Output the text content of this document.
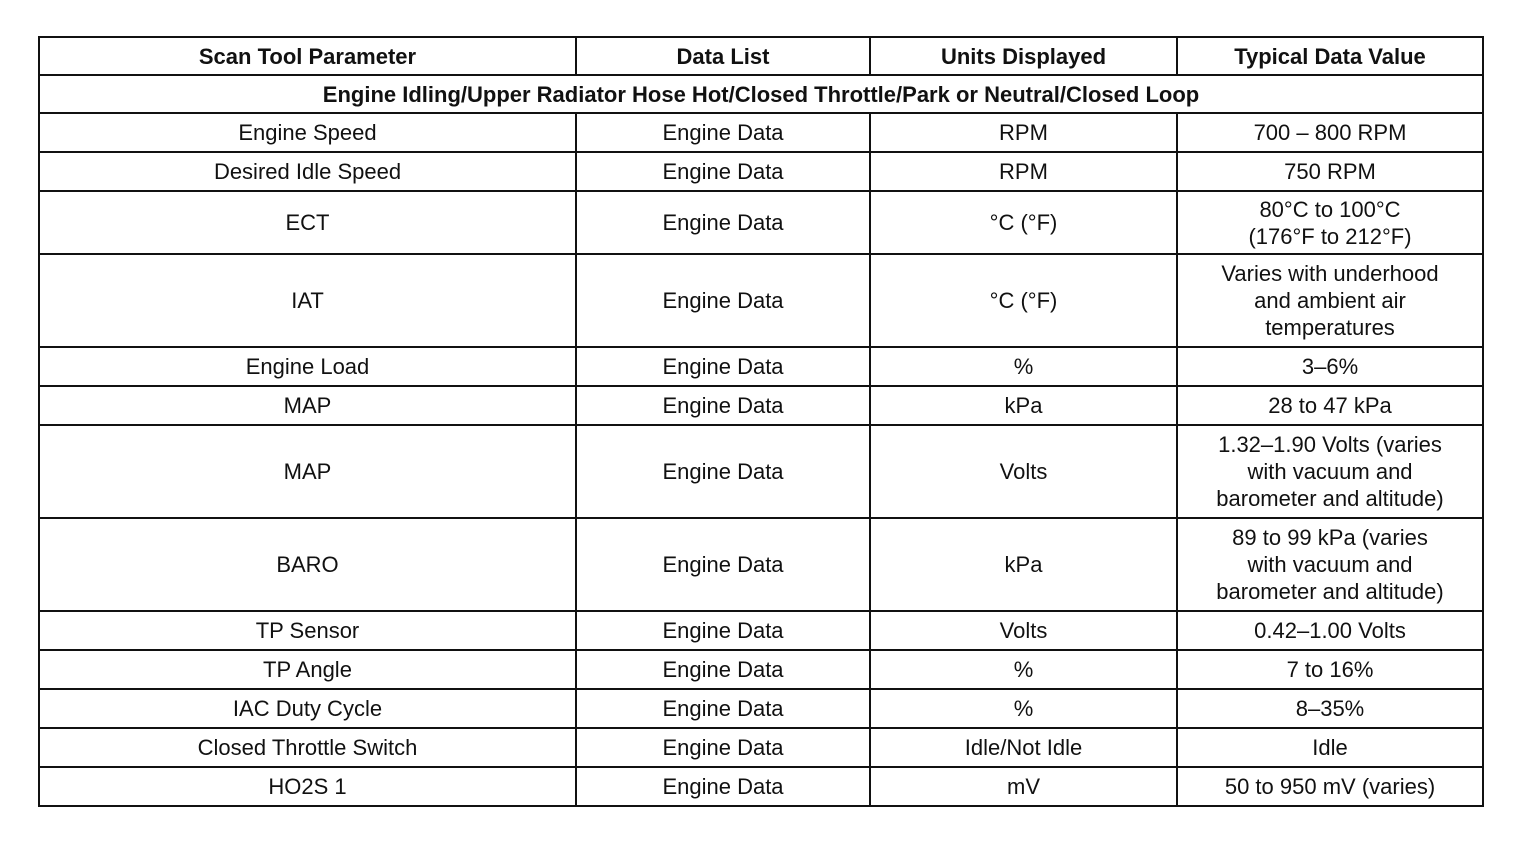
Scan Tool Parameter	Data List	Units Displayed	Typical Data Value
Engine Idling/Upper Radiator Hose Hot/Closed Throttle/Park or Neutral/Closed Loop			
Engine Speed	Engine Data	RPM	700 – 800 RPM
Desired Idle Speed	Engine Data	RPM	750 RPM
ECT	Engine Data	°C (°F)	80°C to 100°C
(176°F to 212°F)
IAT	Engine Data	°C (°F)	Varies with underhood
and ambient air
temperatures
Engine Load	Engine Data	%	3–6%
MAP	Engine Data	kPa	28 to 47 kPa
MAP	Engine Data	Volts	1.32–1.90 Volts (varies
with vacuum and
barometer and altitude)
BARO	Engine Data	kPa	89 to 99 kPa (varies
with vacuum and
barometer and altitude)
TP Sensor	Engine Data	Volts	0.42–1.00 Volts
TP Angle	Engine Data	%	7 to 16%
IAC Duty Cycle	Engine Data	%	8–35%
Closed Throttle Switch	Engine Data	Idle/Not Idle	Idle
HO2S 1	Engine Data	mV	50 to 950 mV (varies)
